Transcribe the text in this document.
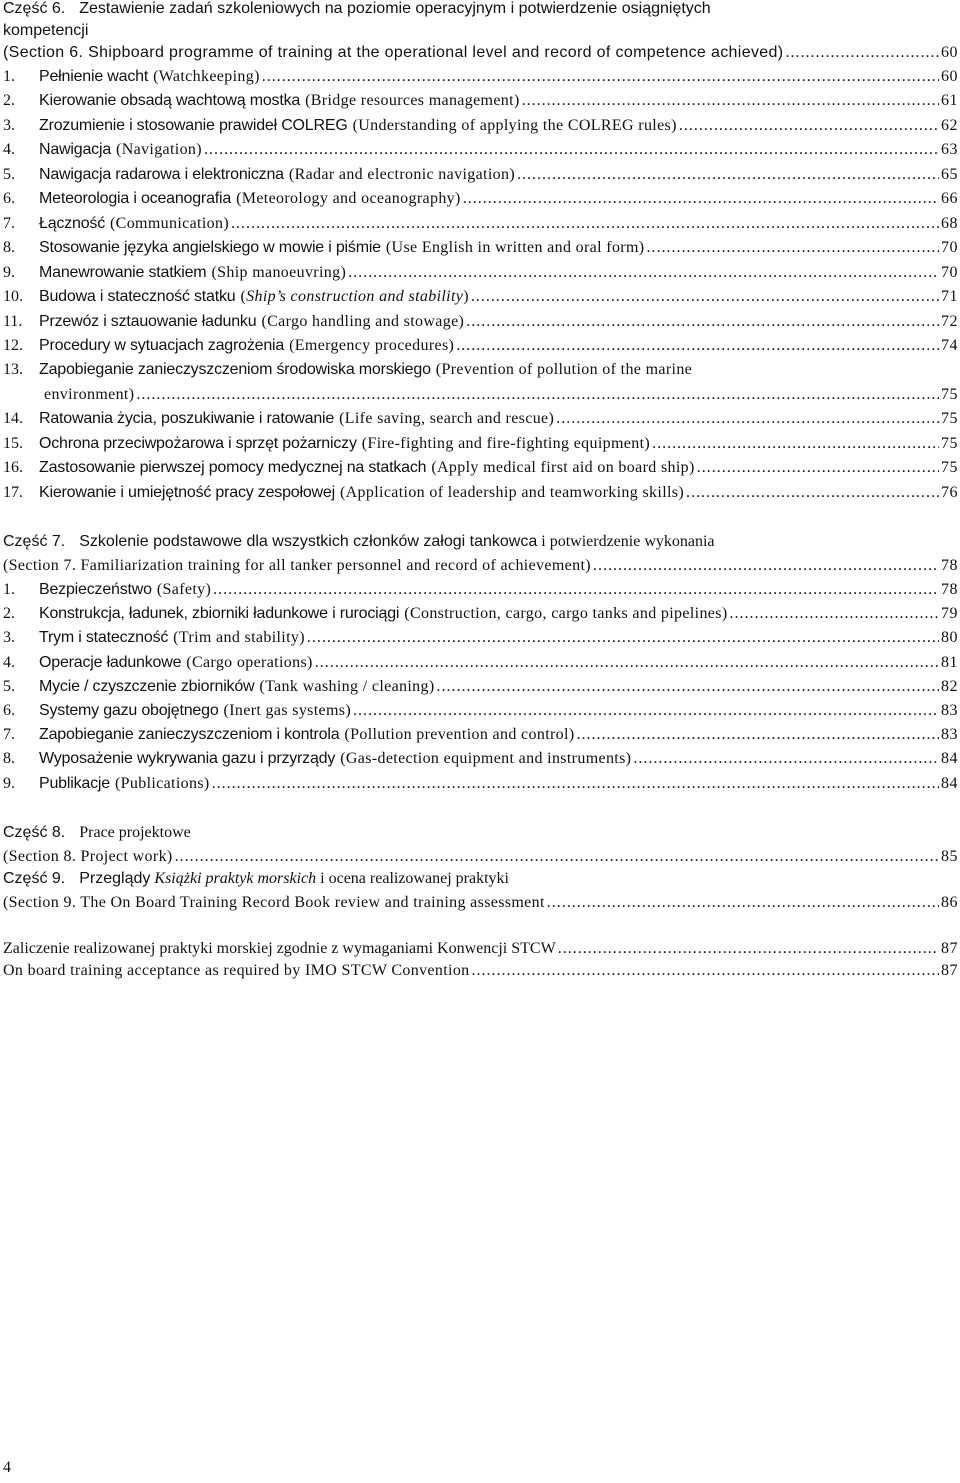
Część 6. Zestawienie zadań szkoleniowych na poziomie operacyjnym i potwierdzenie osiągniętych
kompetencji
(Section 6. Shipboard programme of training at the operational level and record of competence achieved) .....	60
1.	Pełnienie wacht (Watchkeeping) .....	60
2.	Kierowanie obsadą wachtową mostka (Bridge resources management) .....	61
3.	Zrozumienie i stosowanie prawideł COLREG (Understanding of applying the COLREG rules) .....	62
4.	Nawigacja (Navigation) .....	63
5.	Nawigacja radarowa i elektroniczna (Radar and electronic navigation) .....	65
6.	Meteorologia i oceanografia (Meteorology and oceanography) .....	66
7.	Łączność (Communication) .....	68
8.	Stosowanie języka angielskiego w mowie i piśmie (Use English in written and oral form) .....	70
9.	Manewrowanie statkiem (Ship manoeuvring) .....	70
10.	Budowa i stateczność statku (Ship’s construction and stability) .....	71
11.	Przewóz i sztauowanie ładunku (Cargo handling and stowage) .....	72
12.	Procedury w sytuacjach zagrożenia (Emergency procedures) .....	74
13.	Zapobieganie zanieczyszczeniom środowiska morskiego (Prevention of pollution of the marine
environment) .....	75
14.	Ratowania życia, poszukiwanie i ratowanie (Life saving, search and rescue) .....	75
15.	Ochrona przeciwpożarowa i sprzęt pożarniczy (Fire-fighting and fire-fighting equipment) .....	75
16.	Zastosowanie pierwszej pomocy medycznej na statkach (Apply medical first aid on board ship) .....	75
17.	Kierowanie i umiejętność pracy zespołowej (Application of leadership and teamworking skills) .....	76
Część 7. Szkolenie podstawowe dla wszystkich członków załogi tankowca i potwierdzenie wykonania
(Section 7. Familiarization training for all tanker personnel and record of achievement) .....	78
1.	Bezpieczeństwo (Safety) .....	78
2.	Konstrukcja, ładunek, zbiorniki ładunkowe i rurociągi (Construction, cargo, cargo tanks and pipelines) .....	79
3.	Trym i stateczność (Trim and stability) .....	80
4.	Operacje ładunkowe (Cargo operations) .....	81
5.	Mycie / czyszczenie zbiorników (Tank washing / cleaning) .....	82
6.	Systemy gazu obojętnego (Inert gas systems) .....	83
7.	Zapobieganie zanieczyszczeniom i kontrola (Pollution prevention and control) .....	83
8.	Wyposażenie wykrywania gazu i przyrządy (Gas-detection equipment and instruments) .....	84
9.	Publikacje (Publications) .....	84
Część 8. Prace projektowe
(Section 8. Project work) .....	85
Część 9. Przeglądy Książki praktyk morskich i ocena realizowanej praktyki
(Section 9. The On Board Training Record Book review and training assessment .....	86
Zaliczenie realizowanej praktyki morskiej zgodnie z wymaganiami Konwencji STCW .....	87
On board training acceptance as required by IMO STCW Convention .....	87
4
